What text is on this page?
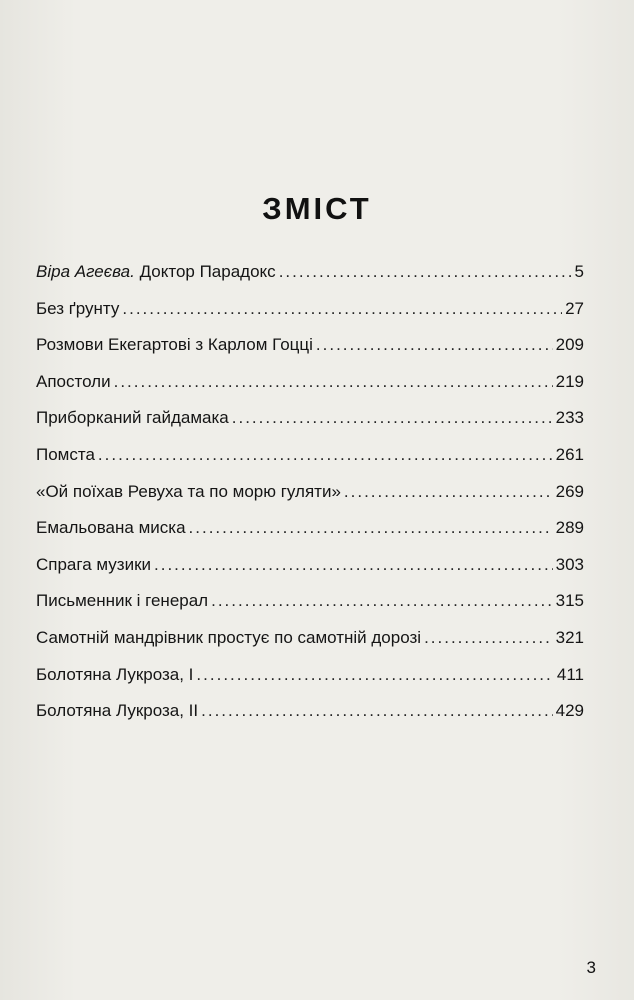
ЗМІСТ
Віра Агеєва. Доктор Парадокс .....	5
Без ґрунту .....	27
Розмови Екегартові з Карлом Гоцці .....	209
Апостоли .....	219
Приборканий гайдамака .....	233
Помста .....	261
«Ой поїхав Ревуха та по морю гуляти» .....	269
Емальована миска .....	289
Спрага музики .....	303
Письменник і генерал .....	315
Самотній мандрівник простує по самотній дорозі .....	321
Болотяна Лукроза, I .....	411
Болотяна Лукроза, II .....	429
3
